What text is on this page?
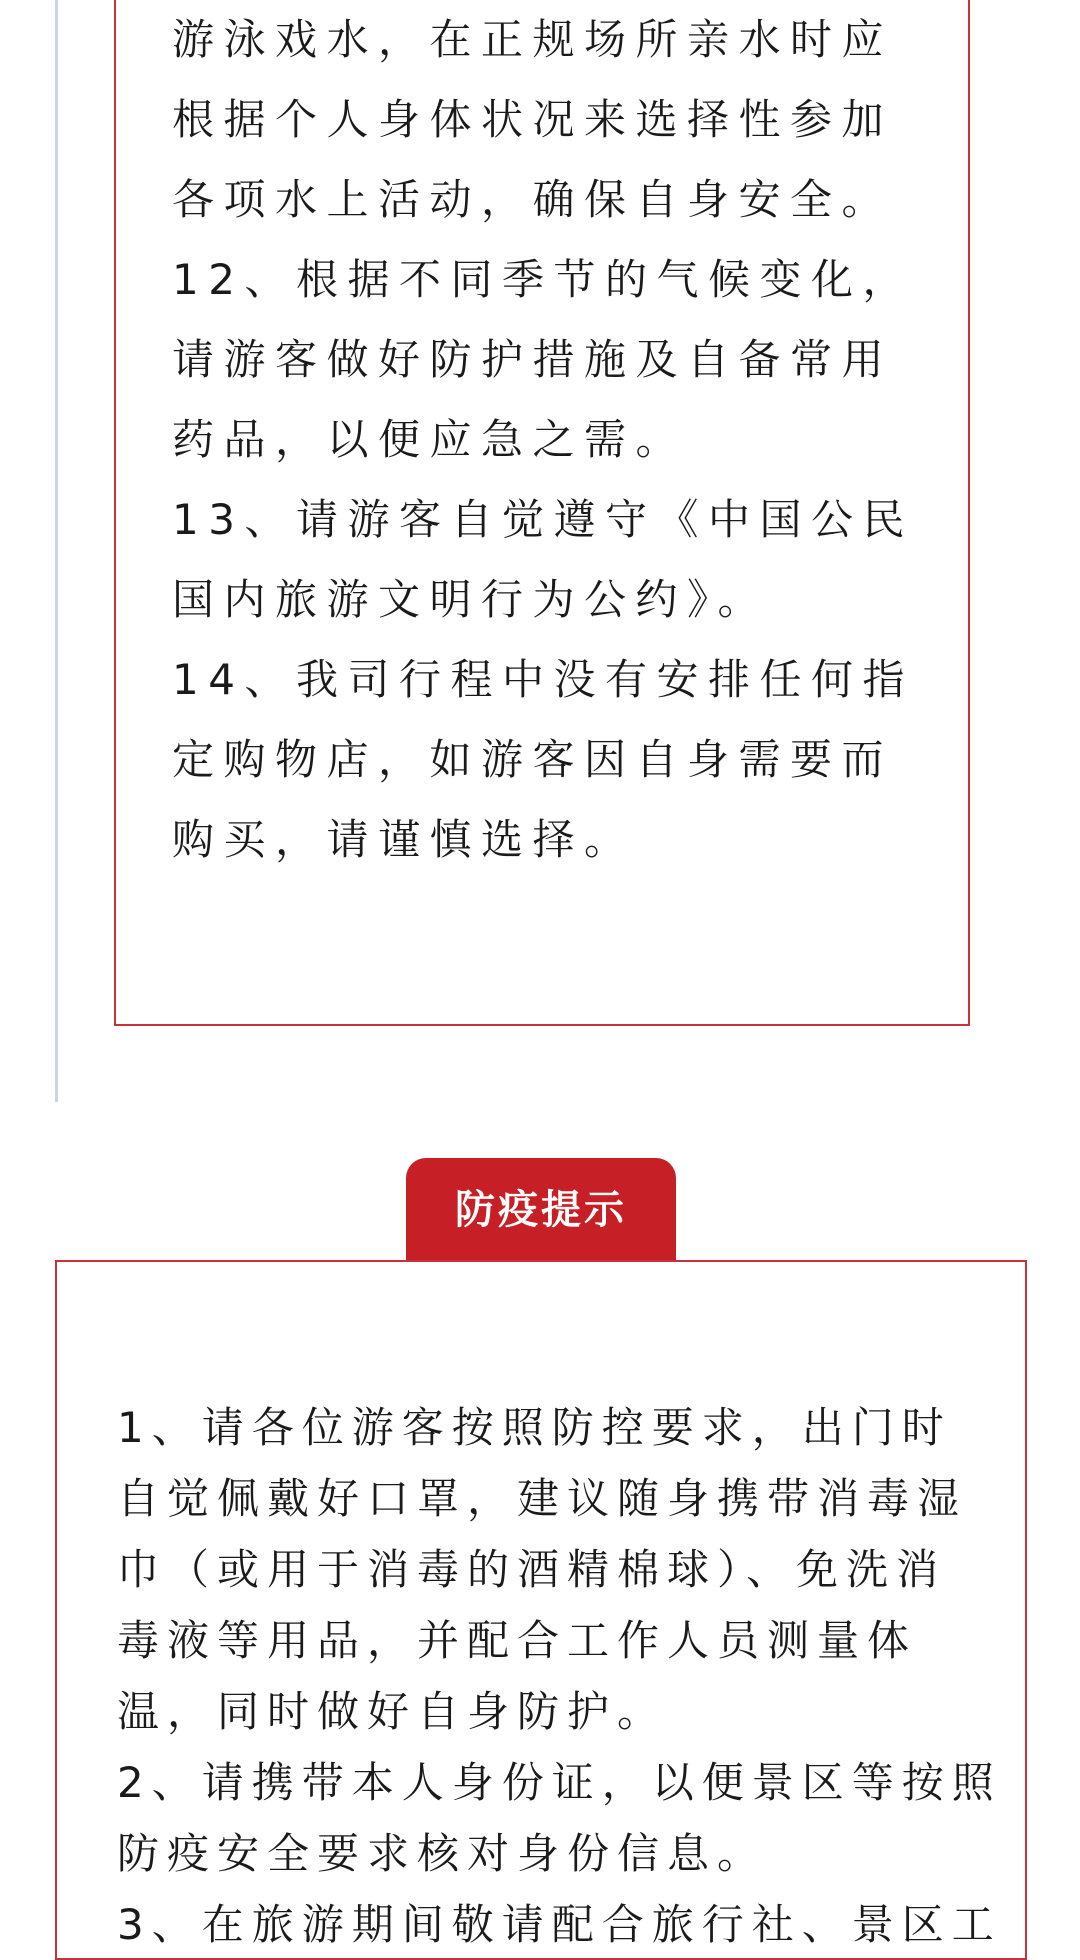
游泳戏水，在正规场所亲水时应
根据个人身体状况来选择性参加
各项水上活动，确保自身安全。
12、根据不同季节的气候变化，
请游客做好防护措施及自备常用
药品，以便应急之需。
13、请游客自觉遵守《中国公民
国内旅游文明行为公约》。
14、我司行程中没有安排任何指
定购物店，如游客因自身需要而
购买，请谨慎选择。
防疫提示
1、请各位游客按照防控要求，出门时
自觉佩戴好口罩，建议随身携带消毒湿
巾（或用于消毒的酒精棉球）、免洗消
毒液等用品，并配合工作人员测量体
温，同时做好自身防护。
2、请携带本人身份证，以便景区等按照
防疫安全要求核对身份信息。
3、在旅游期间敬请配合旅行社、景区工
